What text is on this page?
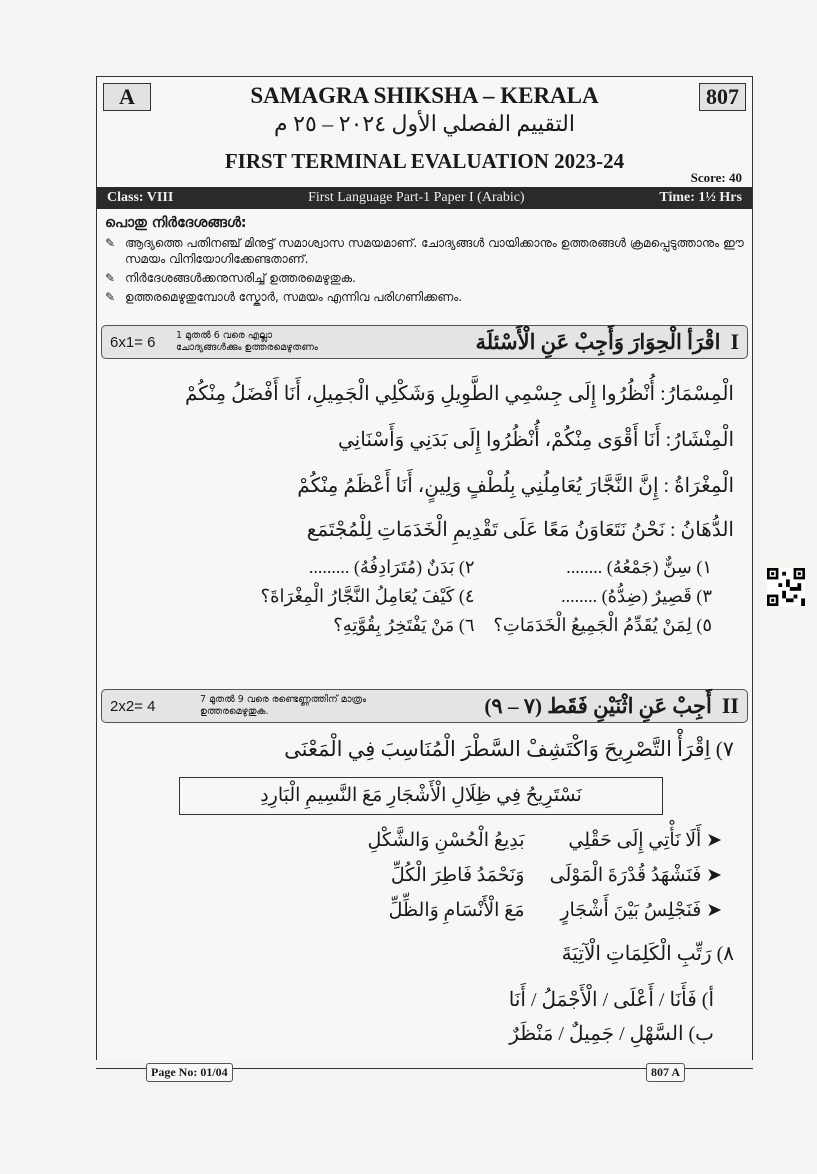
A	SAMAGRA SHIKSHA – KERALA	807
التقييم الفصلي الأول ٢٠٢٤ – ٢٥ م
FIRST TERMINAL EVALUATION 2023-24
Score: 40
Class: VIII	First Language Part-1 Paper I (Arabic)	Time: 1½ Hrs
പൊതു നിർദേശങ്ങൾ:
✎ ആദ്യത്തെ പതിനഞ്ച് മിനുട്ട് സമാശ്വാസ സമയമാണ്. ചോദ്യങ്ങൾ വായിക്കാനും ഉത്തരങ്ങൾ ക്രമപ്പെടുത്താനും ഈ സമയം വിനിയോഗിക്കേണ്ടതാണ്.
✎ നിർദേശങ്ങൾക്കനുസരിച്ച് ഉത്തരമെഴുതുക.
✎ ഉത്തരമെഴുതുമ്പോൾ സ്കോർ, സമയം എന്നിവ പരിഗണിക്കണം.
6x1= 6	1 മുതൽ 6 വരെ എല്ലാ
ചോദ്യങ്ങൾക്കും ഉത്തരമെഴുതണം	اقْرَأ الْحِوَارَ وَأَجِبْ عَنِ الْأَسْئلَة I
الْمِسْمَارُ: أُنْظُرُوا إِلَى جِسْمِي الطَّوِيلِ وَشَكْلِي الْجَمِيلِ، أَنَا أَفْضَلُ مِنْكُمْ
الْمِنْشَارُ: أَنَا أَقْوَى مِنْكُمْ، أُنْظُرُوا إِلَى بَدَنِي وَأَسْنَانِي
الْمِغْرَاةُ : إِنَّ النَّجَّارَ يُعَامِلُنِي بِلُطْفٍ وَلِينٍ، أَنَا أَعْظَمُ مِنْكُمْ
الدُّهَانُ : نَحْنُ نَتَعَاوَنُ مَعًا عَلَى تَقْدِيمِ الْخَدَمَاتِ لِلْمُجْتَمَع
١) سِنٌّ (جَمْعُهُ) ........
٢) بَدَنٌ (مُتَرَادِفُهُ) .........
٣) قَصِيرٌ (ضِدُّهُ) ........
٤) كَيْفَ يُعَامِلُ النَّجَّارُ الْمِغْرَاةَ؟
٥) لِمَنْ يُقَدِّمُ الْجَمِيعُ الْخَدَمَاتِ؟
٦) مَنْ يَفْتَخِرُ بِقُوَّتِهِ؟
2x2= 4	7 മുതൽ 9 വരെ രണ്ടെണ്ണത്തിന് മാത്രം
ഉത്തരമെഴുതുക.	أَجِبْ عَنِ اثْنَيْنِ فَقَط (٧ – ٩) II
٧) اِقْرَأْ التَّصْرِيحَ وَاكْتَشِفْ السَّطْرَ الْمُنَاسِبَ فِي الْمَعْنَى
نَسْتَرِيحُ فِي ظِلَالِ الْأَشْجَارِ مَعَ النَّسِيمِ الْبَارِدِ
➤ أَلَا نَأْتِي إِلَى حَقْلِي
بَدِيعُ الْحُسْنِ وَالشَّكْلِ
➤ فَنَشْهَدُ قُدْرَةَ الْمَوْلَى
وَنَحْمَدُ فَاطِرَ الْكُلِّ
➤ فَنَجْلِسُ بَيْنَ أَشْجَارٍ
مَعَ الْأَنْسَامِ وَالظِّلِّ
٨) رَتِّبِ الْكَلِمَاتِ الْآتِيَةَ
أ) فَأَنَا / أَعْلَى / الْأَجْمَلُ / أَنَا
ب) السَّهْلِ / جَمِيلٌ / مَنْظَرٌ
Page No: 01/04	807 A
